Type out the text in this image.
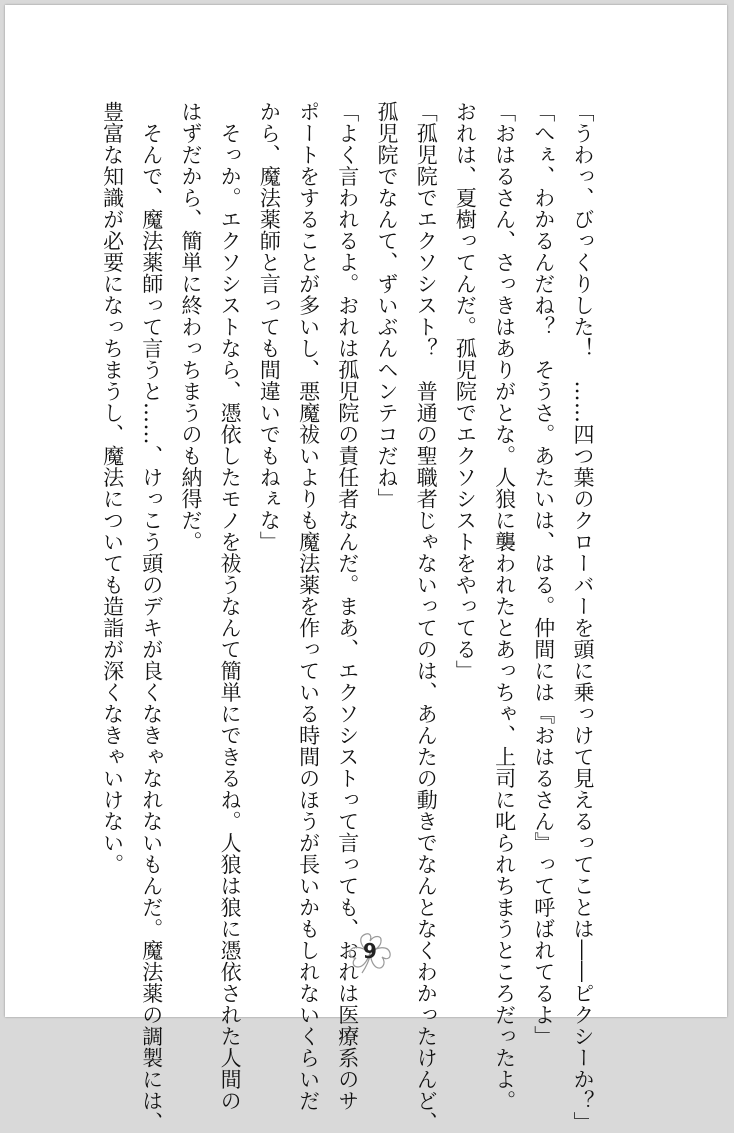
「うわっ、びっくりした！　……四つ葉のクローバーを頭に乗っけて見えるってことは――ピクシーか？」

「へぇ、わかるんだね？　そうさ。あたいは、はる。仲間には『おはるさん』って呼ばれてるよ」

「おはるさん、さっきはありがとな。人狼に襲われたとあっちゃ、上司に叱られちまうところだったよ。

おれは、夏樹ってんだ。孤児院でエクソシストをやってる」

「孤児院でエクソシスト？　普通の聖職者じゃないってのは、あんたの動きでなんとなくわかったけんど、

孤児院でなんて、ずいぶんヘンテコだね」

「よく言われるよ。おれは孤児院の責任者なんだ。まあ、エクソシストって言っても、おれは医療系のサ

ポートをすることが多いし、悪魔祓いよりも魔法薬を作っている時間のほうが長いかもしれないくらいだ

から、魔法薬師と言っても間違いでもねぇな」

　そっか。エクソシストなら、憑依したモノを祓うなんて簡単にできるね。人狼は狼に憑依された人間の

はずだから、簡単に終わっちまうのも納得だ。

　そんで、魔法薬師って言うと……、けっこう頭のデキが良くなきゃなれないもんだ。魔法薬の調製には、

豊富な知識が必要になっちまうし、魔法についても造詣が深くなきゃいけない。

9
